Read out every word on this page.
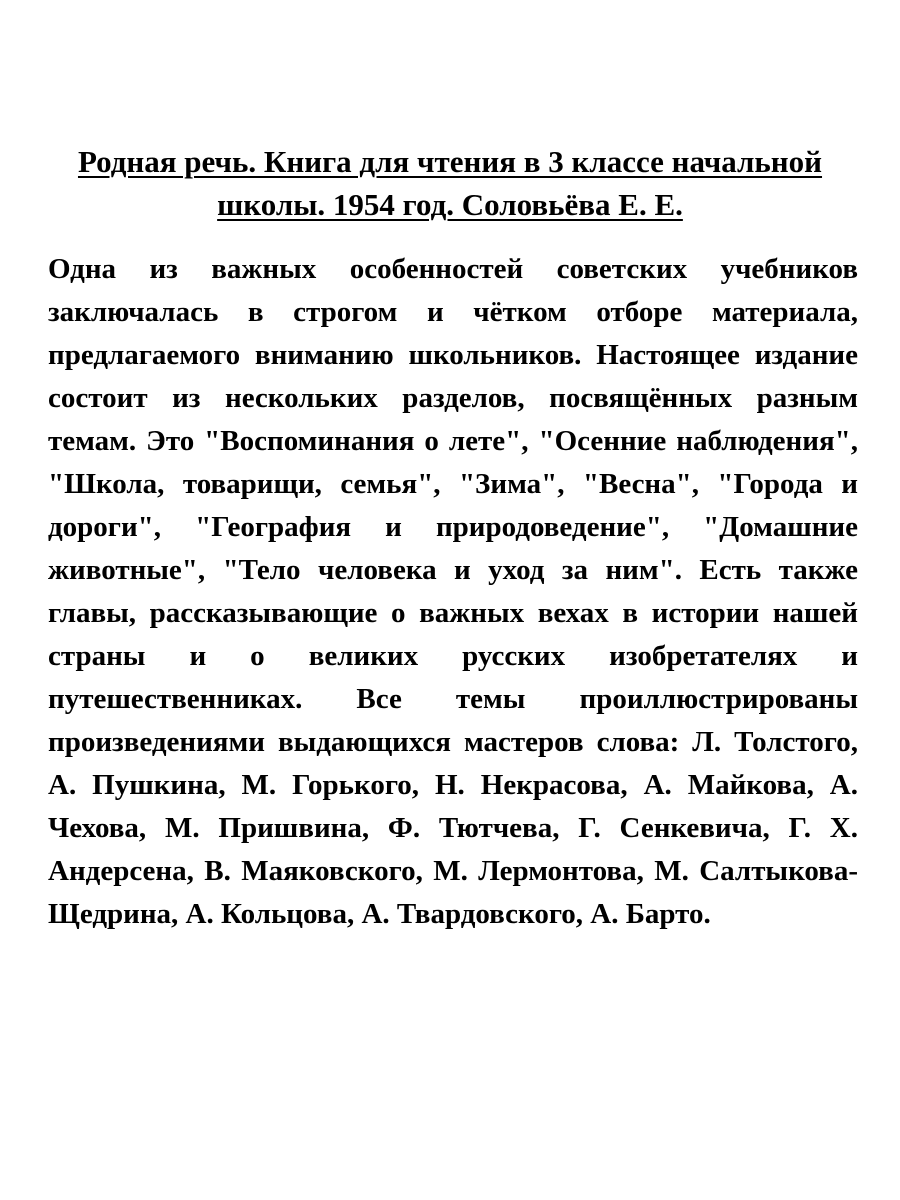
Родная речь. Книга для чтения в 3 классе начальной школы. 1954 год. Соловьёва Е. Е.

Одна из важных особенностей советских учебников заключалась в строгом и чётком отборе материала, предлагаемого вниманию школьников. Настоящее издание состоит из нескольких разделов, посвящённых разным темам. Это "Воспоминания о лете", "Осенние наблюдения", "Школа, товарищи, семья", "Зима", "Весна", "Города и дороги", "География и природоведение", "Домашние животные", "Тело человека и уход за ним". Есть также главы, рассказывающие о важных вехах в истории нашей страны и о великих русских изобретателях и путешественниках. Все темы проиллюстрированы произведениями выдающихся мастеров слова: Л. Толстого, А. Пушкина, М. Горького, Н. Некрасова, А. Майкова, А. Чехова, М. Пришвина, Ф. Тютчева, Г. Сенкевича, Г. Х. Андерсена, В. Маяковского, М. Лермонтова, М. Салтыкова-Щедрина, А. Кольцова, А. Твардовского, А. Барто.
